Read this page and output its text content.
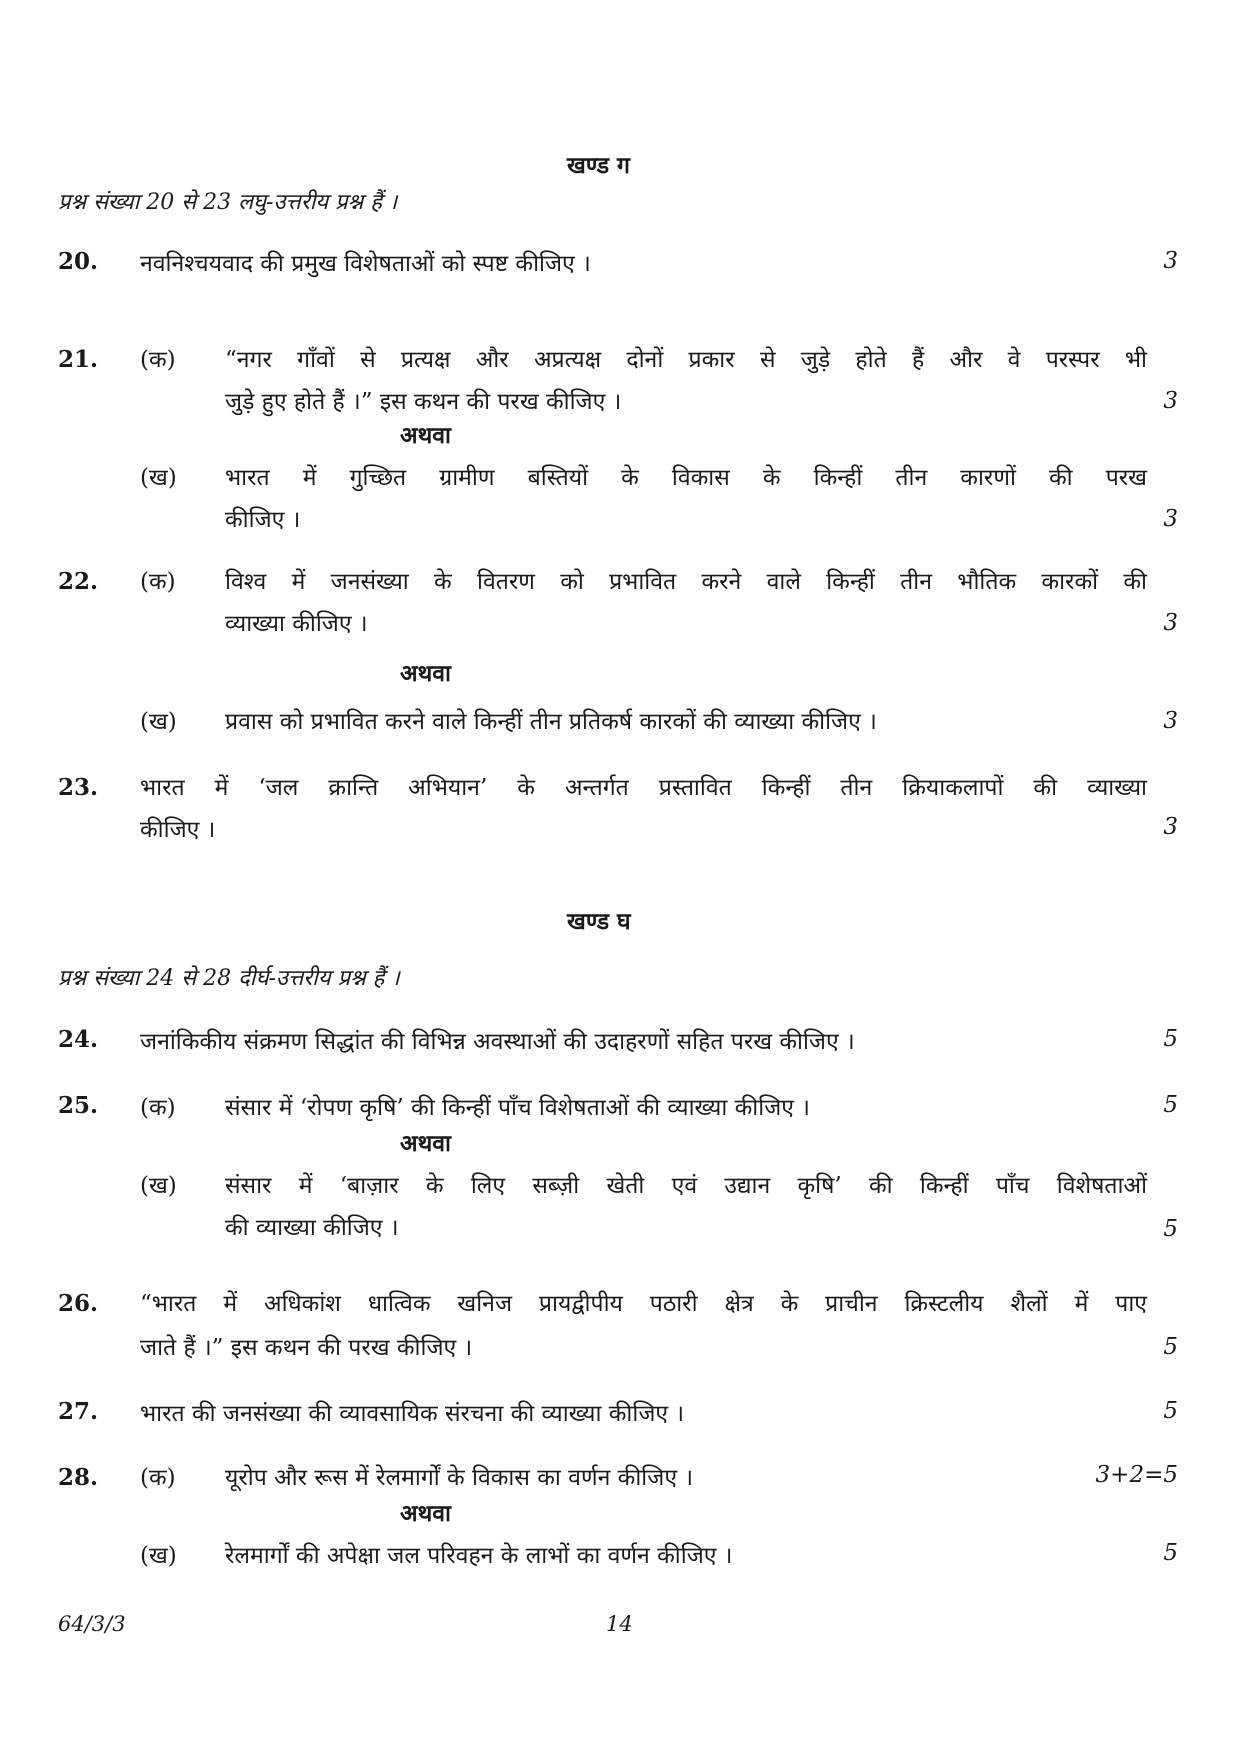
खण्ड ग
प्रश्न संख्या 20 से 23 लघु-उत्तरीय प्रश्न हैं ।
20. नवनिश्चयवाद की प्रमुख विशेषताओं को स्पष्ट कीजिए ।	3
21. (क) “नगर गाँवों से प्रत्यक्ष और अप्रत्यक्ष दोनों प्रकार से जुड़े होते हैं और वे परस्पर भी
जुड़े हुए होते हैं ।” इस कथन की परख कीजिए ।	3
अथवा
(ख) भारत में गुच्छित ग्रामीण बस्तियों के विकास के किन्हीं तीन कारणों की परख
कीजिए ।	3
22. (क) विश्व में जनसंख्या के वितरण को प्रभावित करने वाले किन्हीं तीन भौतिक कारकों की
व्याख्या कीजिए ।	3
अथवा
(ख) प्रवास को प्रभावित करने वाले किन्हीं तीन प्रतिकर्ष कारकों की व्याख्या कीजिए ।	3
23. भारत में ‘जल क्रान्ति अभियान’ के अन्तर्गत प्रस्तावित किन्हीं तीन क्रियाकलापों की व्याख्या
कीजिए ।	3
खण्ड घ
प्रश्न संख्या 24 से 28 दीर्घ-उत्तरीय प्रश्न हैं ।
24. जनांकिकीय संक्रमण सिद्धांत की विभिन्न अवस्थाओं की उदाहरणों सहित परख कीजिए ।	5
25. (क) संसार में ‘रोपण कृषि’ की किन्हीं पाँच विशेषताओं की व्याख्या कीजिए ।	5
अथवा
(ख) संसार में ‘बाज़ार के लिए सब्ज़ी खेती एवं उद्यान कृषि’ की किन्हीं पाँच विशेषताओं
की व्याख्या कीजिए ।	5
26. “भारत में अधिकांश धात्विक खनिज प्रायद्वीपीय पठारी क्षेत्र के प्राचीन क्रिस्टलीय शैलों में पाए
जाते हैं ।” इस कथन की परख कीजिए ।	5
27. भारत की जनसंख्या की व्यावसायिक संरचना की व्याख्या कीजिए ।	5
28. (क) यूरोप और रूस में रेलमार्गों के विकास का वर्णन कीजिए ।	3+2=5
अथवा
(ख) रेलमार्गों की अपेक्षा जल परिवहन के लाभों का वर्णन कीजिए ।	5
64/3/3	14
